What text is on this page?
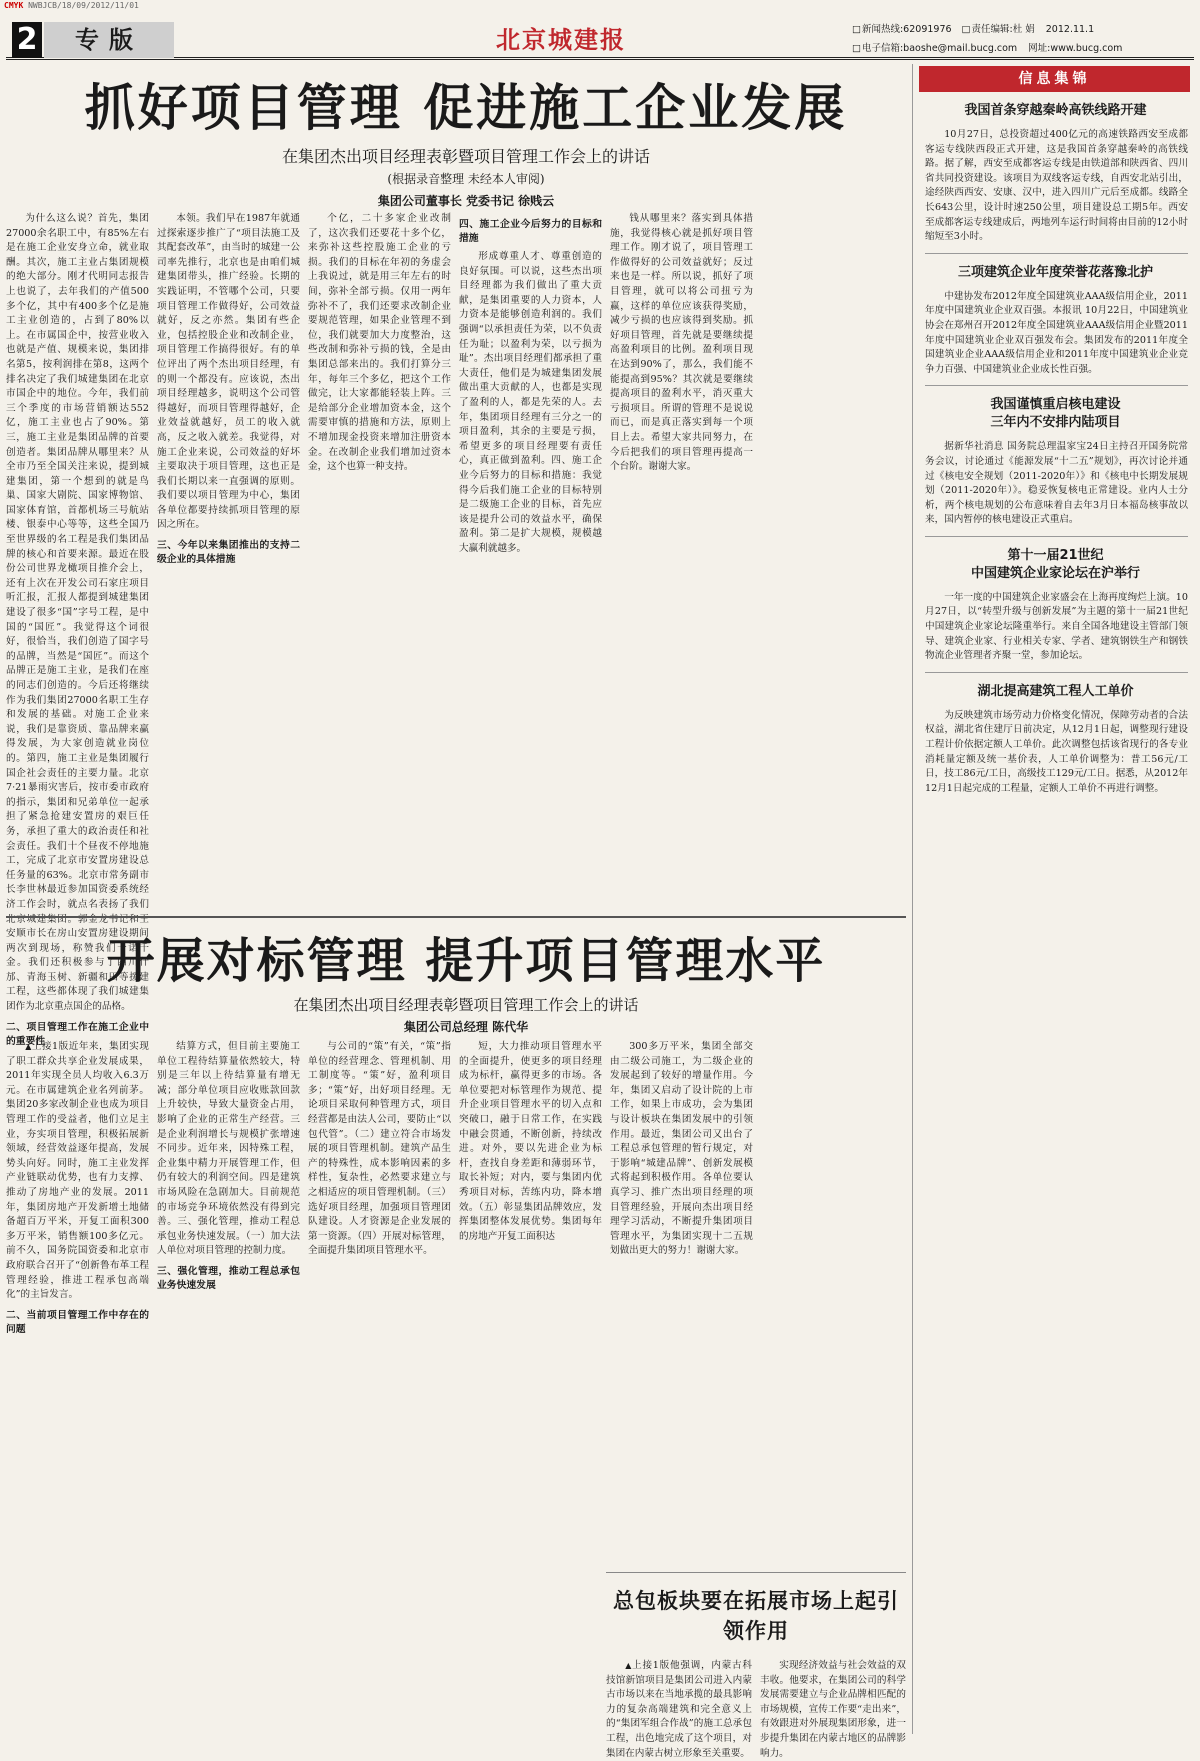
CMYK NWBJCB/18/09/2012/11/01
2	专版	北京城建报	□ 新闻热线:62091976	□ 责任编辑:杜 娟 2012.11.1
□ 电子信箱:baoshe@mail.bucg.com 网址:www.bucg.com
抓好项目管理 促进施工企业发展
在集团杰出项目经理表彰暨项目管理工作会上的讲话
(根据录音整理 未经本人审阅)
集团公司董事长 党委书记 徐贱云

为什么这么说？首先，集团27000余名职工中，有85%左右是在施工企业安身立命，就业取酬。其次，施工主业占集团规模的绝大部分。刚才代明同志报告上也说了，去年我们的产值500多个亿，其中有400多个亿是施工主业创造的，占到了80%以上。在市属国企中，按营业收入也就是产值、规模来说，集团排名第5，按利润排在第8，这两个排名决定了我们城建集团在北京市国企中的地位。今年，我们前三个季度的市场营销额达552亿，施工主业也占了90%。第三，施工主业是集团品牌的首要创造者。集团品牌从哪里来？从全市乃至全国关注来说，提到城建集团，第一个想到的就是鸟巢、国家大剧院、国家博物馆、国家体育馆，首都机场三号航站楼、银泰中心等等，这些全国乃至世界级的名工程是我们集团品牌的核心和首要来源。最近在股份公司世界龙橄项目推介会上，还有上次在开发公司石家庄项目听汇报，汇报人都提到城建集团建设了很多“国”字号工程，是中国的“国匠”。我觉得这个词很好，很恰当，我们创造了国字号的品牌，当然是“国匠”。而这个品牌正是施工主业，是我们在座的同志们创造的。今后还将继续作为我们集团27000名职工生存和发展的基础。对施工企业来说，我们是靠资质、靠品牌来赢得发展，为大家创造就业岗位的。第四，施工主业是集团履行国企社会责任的主要力量。北京7·21暴雨灾害后，按市委市政府的指示，集团和兄弟单位一起承担了紧急抢建安置房的艰巨任务，承担了重大的政治责任和社会责任。我们十个昼夜不停地施工，完成了北京市安置房建设总任务量的63%。北京市常务副市长李世林最近参加国资委系统经济工作会时，就点名表扬了我们北京城建集团。郭金龙书记和王安顺市长在房山安置房建设期间两次到现场，称赞我们一诺千金。我们还积极参与了四川什邡、青海玉树、新疆和田等援建工程，这些都体现了我们城建集团作为北京重点国企的品格。

二、项目管理工作在施工企业中的重要性

本领。我们早在1987年就通过探索逐步推广了“项目法施工及其配套改革”，由当时的城建一公司率先推行，北京也是由咱们城建集团带头，推广经验。长期的实践证明，不管哪个公司，只要项目管理工作做得好，公司效益就好，反之亦然。集团有些企业，包括控股企业和改制企业，项目管理工作搞得很好。有的单位评出了两个杰出项目经理，有的则一个都没有。应该说，杰出项目经理越多，说明这个公司管得越好，而项目管理得越好，企业效益就越好，员工的收入就高，反之收入就差。我觉得，对施工企业来说，公司效益的好坏主要取决于项目管理，这也正是我们长期以来一直强调的原则。我们要以项目管理为中心，集团各单位都要持续抓项目管理的原因之所在。

三、今年以来集团推出的支持二级企业的具体措施

个亿，二十多家企业改制了，这次我们还要花十多个亿，来弥补这些控股施工企业的亏损。我们的目标在年初的务虚会上我说过，就是用三年左右的时间，弥补全部亏损。仅用一两年弥补不了，我们还要求改制企业要规范管理，如果企业管理不到位，我们就要加大力度整治，这些改制和弥补亏损的钱，全是由集团总部来出的。我们打算分三年，每年三个多亿，把这个工作做完，让大家都能轻装上阵。三是给部分企业增加资本金，这个需要审慎的措施和方法，原则上不增加现金投资来增加注册资本金。在改制企业我们增加过资本金，这个也算一种支持。

四、施工企业今后努力的目标和措施

形成尊重人才、尊重创造的良好氛围。可以说，这些杰出项目经理都为我们做出了重大贡献，是集团重要的人力资本，人力资本是能够创造利润的。我们强调“以承担责任为荣，以不负责任为耻；以盈利为荣，以亏损为耻”。杰出项目经理们都承担了重大责任，他们是为城建集团发展做出重大贡献的人，也都是实现了盈利的人，都是先荣的人。去年，集团项目经理有三分之一的项目盈利，其余的主要是亏损，希望更多的项目经理要有责任心，真正做到盈利。四、施工企业今后努力的目标和措施：我觉得今后我们施工企业的目标特别是二级施工企业的目标，首先应该是提升公司的效益水平，确保盈利。第二是扩大规模，规模越大赢利就越多。

钱从哪里来？落实到具体措施，我觉得核心就是抓好项目管理工作。刚才说了，项目管理工作做得好的公司效益就好；反过来也是一样。所以说，抓好了项目管理，就可以将公司扭亏为赢，这样的单位应该获得奖励，减少亏损的也应该得到奖励。抓好项目管理，首先就是要继续提高盈利项目的比例。盈利项目现在达到90%了，那么，我们能不能提高到95%？其次就是要继续提高项目的盈利水平，消灭重大亏损项目。所谓的管理不是说说而已，而是真正落实到每一个项目上去。希望大家共同努力，在今后把我们的项目管理再提高一个台阶。谢谢大家。

开展对标管理 提升项目管理水平
在集团杰出项目经理表彰暨项目管理工作会上的讲话
集团公司总经理 陈代华

▲ 上接1版近年来，集团实现了职工群众共享企业发展成果，2011年实现全员人均收入6.3万元。在市属建筑企业名列前茅。集团20多家改制企业也成为项目管理工作的受益者，他们立足主业，夯实项目管理，积极拓展新领域，经营效益逐年提高，发展势头向好。同时，施工主业发挥产业链联动优势，也有力支撑、推动了房地产业的发展。2011年，集团房地产开发新增土地储备超百万平米，开复工面积300多万平米，销售额100多亿元。前不久，国务院国资委和北京市政府联合召开了“创新鲁布革工程管理经验，推进工程承包高端化”的主旨发言。

二、当前项目管理工作中存在的问题

结算方式，但目前主要施工单位工程待结算量依然较大，特别是三年以上待结算量有增无减；部分单位项目应收账款回款上升较快，导致大量资金占用，影响了企业的正常生产经营。三是企业利润增长与规模扩张增速不同步。近年来，因特殊工程，企业集中精力开展管理工作，但仍有较大的利润空间。四是建筑市场风险在急剧加大。目前规范的市场竞争环境依然没有得到完善。三、强化管理，推动工程总承包业务快速发展。（一）加大法人单位对项目管理的控制力度。

三、强化管理，推动工程总承包业务快速发展

与公司的“策”有关，“策”指单位的经营理念、管理机制、用工制度等。“策”好，盈利项目多；“策”好，出好项目经理。无论项目采取何种管理方式，项目经营都是由法人公司，要防止“以包代管”。（二）建立符合市场发展的项目管理机制。建筑产品生产的特殊性，成本影响因素的多样性，复杂性，必然要求建立与之相适应的项目管理机制。（三）选好项目经理，加强项目管理团队建设。人才资源是企业发展的第一资源。（四）开展对标管理，全面提升集团项目管理水平。

短，大力推动项目管理水平的全面提升，使更多的项目经理成为标杆，赢得更多的市场。各单位要把对标管理作为规范、提升企业项目管理水平的切入点和突破口，融于日常工作，在实践中融会贯通，不断创新，持续改进。对外，要以先进企业为标杆，查找自身差距和薄弱环节，取长补短；对内，要与集团内优秀项目对标，苦练内功，降本增效。（五）彰显集团品牌效应，发挥集团整体发展优势。集团每年的房地产开复工面积达

300多万平米，集团全部交由二级公司施工，为二级企业的发展起到了较好的增量作用。今年，集团又启动了设计院的上市工作，如果上市成功，会为集团与设计板块在集团发展中的引领作用。最近，集团公司又出台了工程总承包管理的暂行规定，对于影响“城建品牌”、创新发展模式将起到积极作用。各单位要认真学习、推广杰出项目经理的项目管理经验，开展向杰出项目经理学习活动，不断提升集团项目管理水平，为集团实现十二五规划做出更大的努力！谢谢大家。

总包板块要在拓展市场上起引领作用

▲ 上接1版他强调，内蒙古科技馆新馆项目是集团公司进入内蒙古市场以来在当地承揽的最具影响力的复杂高端建筑和完全意义上的“集团军组合作战”的施工总承包工程，出色地完成了这个项目，对集团在内蒙古树立形象至关重要。

实现经济效益与社会效益的双丰收。他要求，在集团公司的科学发展需要建立与企业品牌相匹配的市场规模，宣传工作要“走出来”，有效跟进对外展现集团形象，进一步提升集团在内蒙古地区的品牌影响力。

信息集锦
我国首条穿越秦岭高铁线路开建

10月27日，总投资超过400亿元的高速铁路西安至成都客运专线陕西段正式开建，这是我国首条穿越秦岭的高铁线路。据了解，西安至成都客运专线是由铁道部和陕西省、四川省共同投资建设。该项目为双线客运专线，自西安北站引出，途经陕西西安、安康、汉中，进入四川广元后至成都。线路全长643公里，设计时速250公里，项目建设总工期5年。西安至成都客运专线建成后，两地列车运行时间将由目前的12小时缩短至3小时。

三项建筑企业年度荣誉花落豫北护

中建协发布2012年度全国建筑业AAA级信用企业，2011年度中国建筑业企业双百强。本报讯 10月22日，中国建筑业协会在郑州召开2012年度全国建筑业AAA级信用企业暨2011年度中国建筑业企业双百强发布会。集团发布的2011年度全国建筑业企业AAA级信用企业和2011年度中国建筑业企业竞争力百强、中国建筑业企业成长性百强。

我国谨慎重启核电建设
三年内不安排内陆项目

据新华社消息 国务院总理温家宝24日主持召开国务院常务会议，讨论通过《能源发展“十二五”规划》，再次讨论并通过《核电安全规划（2011-2020年）》和《核电中长期发展规划（2011-2020年）》。稳妥恢复核电正常建设。业内人士分析，两个核电规划的公布意味着自去年3月日本福岛核事故以来，国内暂停的核电建设正式重启。

第十一届21世纪
中国建筑企业家论坛在沪举行

一年一度的中国建筑企业家盛会在上海再度绚烂上演。10月27日，以“转型升级与创新发展”为主题的第十一届21世纪中国建筑企业家论坛隆重举行。来自全国各地建设主管部门领导、建筑企业家、行业相关专家、学者、建筑钢铁生产和钢铁物流企业管理者齐聚一堂，参加论坛。

湖北提高建筑工程人工单价

为反映建筑市场劳动力价格变化情况，保障劳动者的合法权益，湖北省住建厅日前决定，从12月1日起，调整现行建设工程计价依据定额人工单价。此次调整包括该省现行的各专业消耗量定额及统一基价表，人工单价调整为：普工56元/工日，技工86元/工日，高级技工129元/工日。据悉，从2012年12月1日起完成的工程量，定额人工单价不再进行调整。
